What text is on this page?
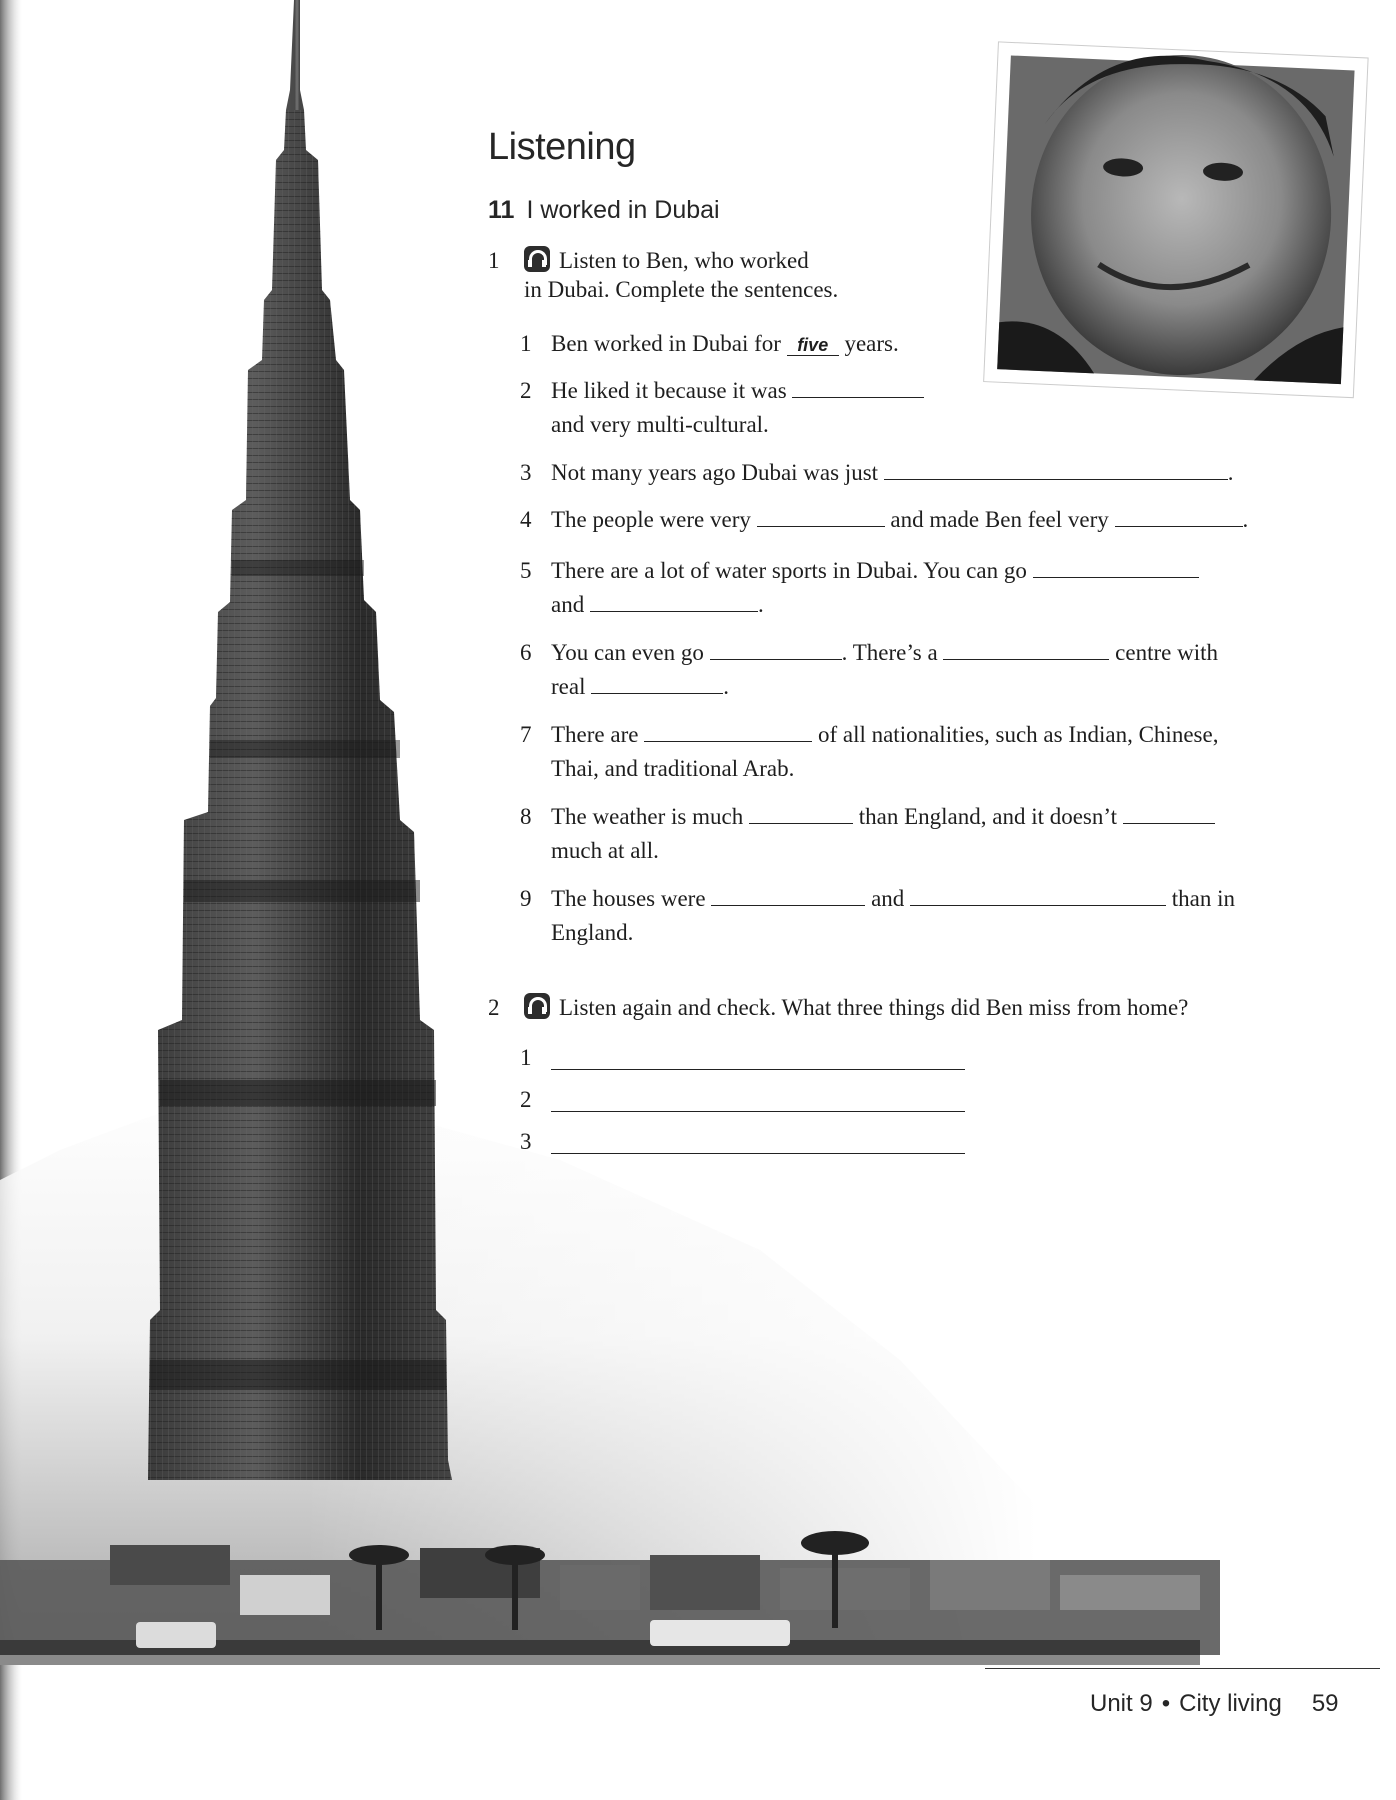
Listening
11 I worked in Dubai
1	Listen to Ben, who worked
in Dubai. Complete the sentences.
1 Ben worked in Dubai for five years.
2 He liked it because it was
and very multi-cultural.
3 Not many years ago Dubai was just	.
4 The people were very	and made Ben feel very	.
5 There are a lot of water sports in Dubai. You can go
and	.
6 You can even go	. There’s a	centre with
real	.
7 There are	of all nationalities, such as Indian, Chinese,
Thai, and traditional Arab.
8 The weather is much	than England, and it doesn’t
much at all.
9 The houses were	and	than in
England.
2	Listen again and check. What three things did Ben miss from home?
1
2
3
Unit 9 • City living 59
